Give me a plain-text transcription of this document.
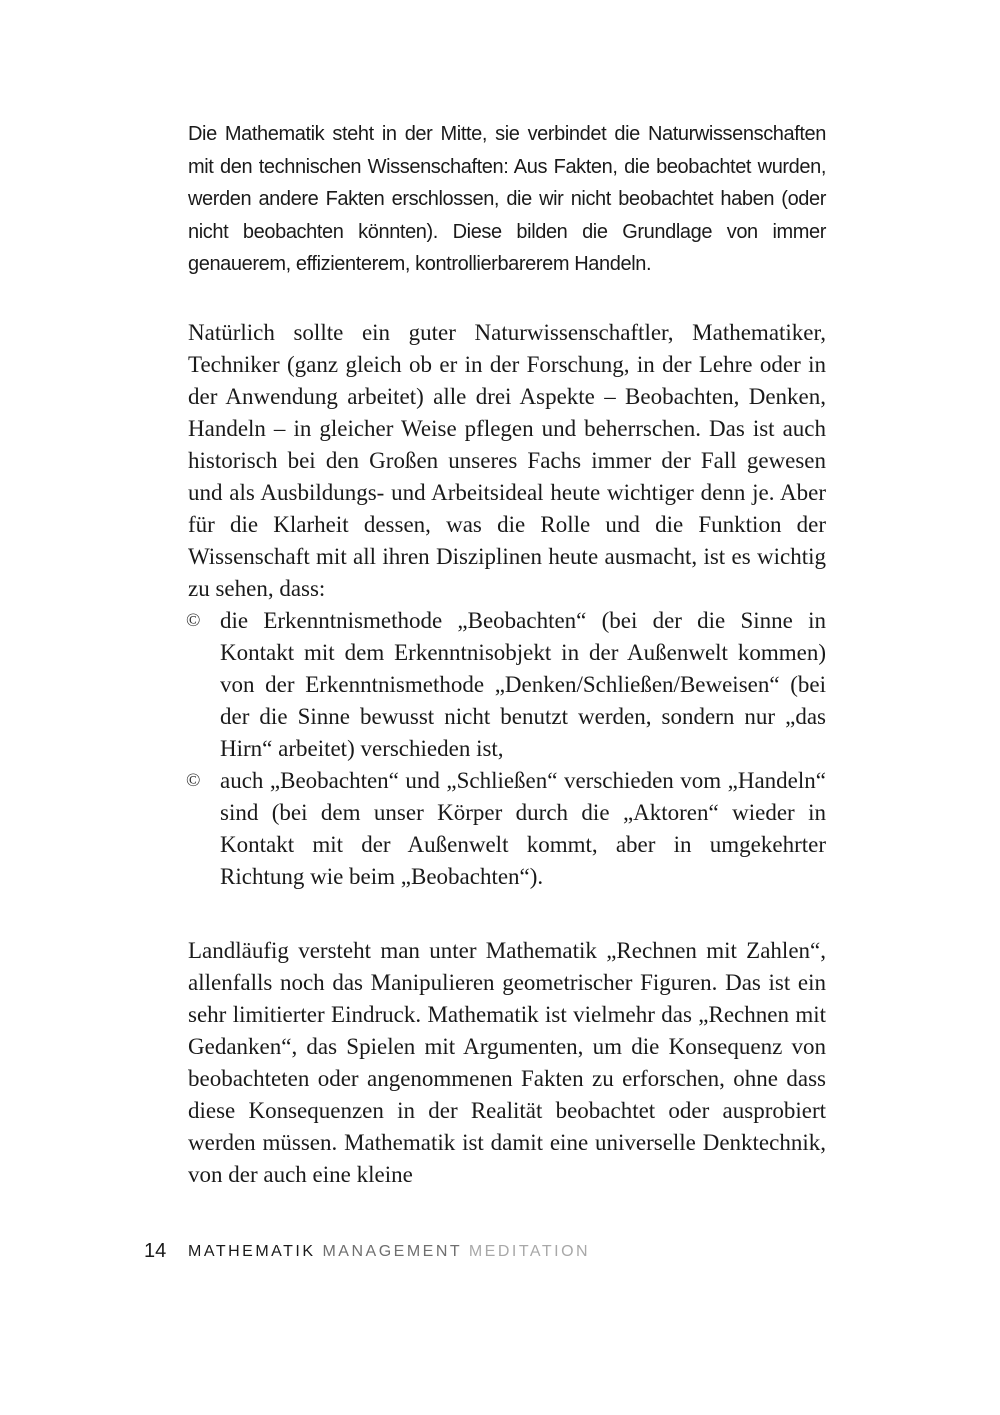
Die Mathematik steht in der Mitte, sie verbindet die Naturwissenschaften mit den technischen Wissenschaften: Aus Fakten, die beobachtet wurden, werden andere Fakten erschlossen, die wir nicht beobachtet haben (oder nicht beobachten könnten). Diese bilden die Grundlage von immer genauerem, effizienterem, kontrollierbarerem Handeln.

Natürlich sollte ein guter Naturwissenschaftler, Mathematiker, Techniker (ganz gleich ob er in der Forschung, in der Lehre oder in der Anwendung arbeitet) alle drei Aspekte – Beobachten, Denken, Handeln – in gleicher Weise pflegen und beherrschen. Das ist auch historisch bei den Großen unseres Fachs immer der Fall gewesen und als Ausbildungs- und Arbeitsideal heute wichtiger denn je. Aber für die Klarheit dessen, was die Rolle und die Funktion der Wissenschaft mit all ihren Disziplinen heute ausmacht, ist es wichtig zu sehen, dass:

© die Erkenntnismethode „Beobachten“ (bei der die Sinne in Kontakt mit dem Erkenntnisobjekt in der Außenwelt kommen) von der Erkenntnismethode „Denken/Schließen/Beweisen“ (bei der die Sinne bewusst nicht benutzt werden, sondern nur „das Hirn“ arbeitet) verschieden ist,
© auch „Beobachten“ und „Schließen“ verschieden vom „Handeln“ sind (bei dem unser Körper durch die „Aktoren“ wieder in Kontakt mit der Außenwelt kommt, aber in umgekehrter Richtung wie beim „Beobachten“).

Landläufig versteht man unter Mathematik „Rechnen mit Zahlen“, allenfalls noch das Manipulieren geometrischer Figuren. Das ist ein sehr limitierter Eindruck. Mathematik ist vielmehr das „Rechnen mit Gedanken“, das Spielen mit Argumenten, um die Konsequenz von beobachteten oder angenommenen Fakten zu erforschen, ohne dass diese Konsequenzen in der Realität beobachtet oder ausprobiert werden müssen. Mathematik ist damit eine universelle Denktechnik, von der auch eine kleine

14 MATHEMATIK MANAGEMENT MEDITATION
